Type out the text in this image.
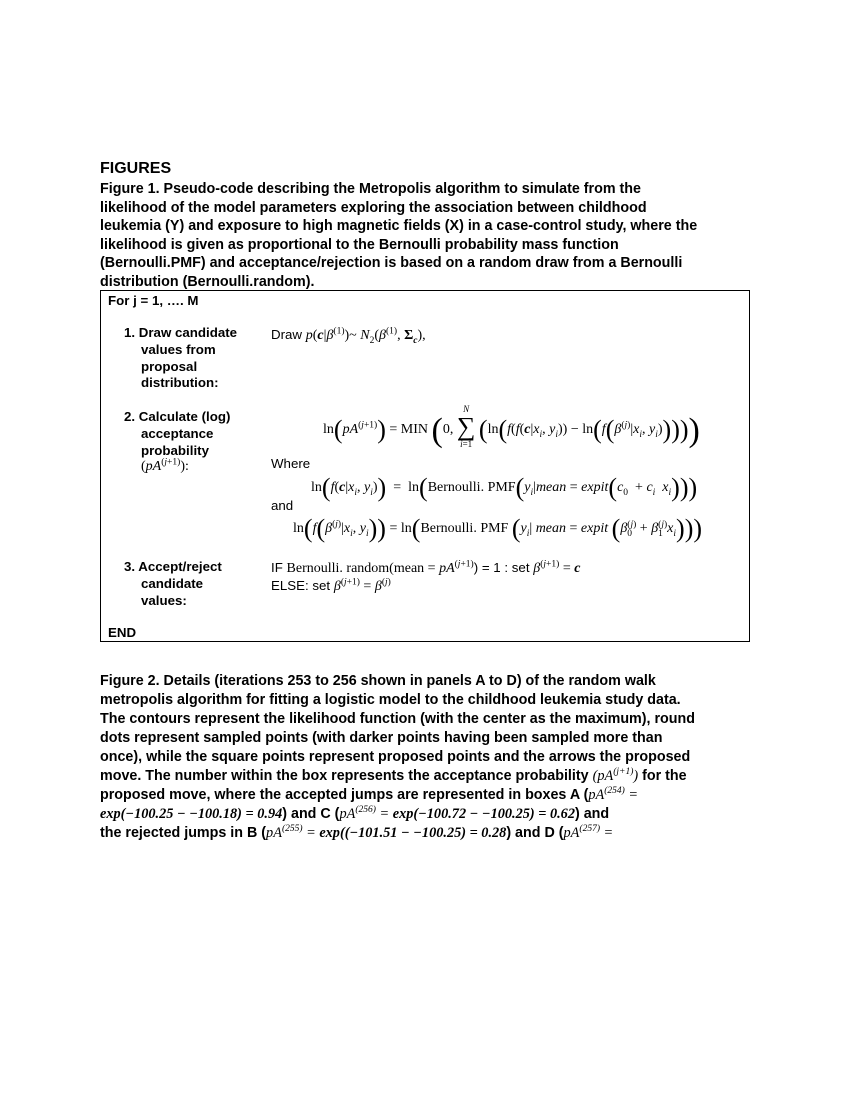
FIGURES
Figure 1. Pseudo-code describing the Metropolis algorithm to simulate from the
likelihood of the model parameters exploring the association between childhood
leukemia (Y) and exposure to high magnetic fields (X) in a case-control study, where the
likelihood is given as proportional to the Bernoulli probability mass function
(Bernoulli.PMF) and acceptance/rejection is based on a random draw from a Bernoulli
distribution (Bernoulli.random).
For j = 1, …. M
1. Draw candidate
values from
proposal
distribution:
Draw $p(c|\beta^{(1)})\sim$ $N_2(\beta^{(1)}$, $\Sigma_c$),
2. Calculate (log)
acceptance
probability
$(pA^{(j+1)})$:
$\ln(pA^{(j+1)})$ = MIN (0,
N
∑
i=1 ($\ln(f(f(c|x_i$, $y_i)) - \ln(f(\beta^{(j)}|x_i$, $y_i$)))))
Where
$\ln(f(c|x_i$, $y_i$))  =  ln(Bernoulli. $PMF(y_i|mean$ = $expit(c_0 + c_i$ $x_i$)))
and
$\ln(f(\beta^{(j)}|x_i$, $y_i$)) = ln(Bernoulli. PMF ($y_i|$ mean = expit (β (j)
0 + β (j)
1 $x_i$)))
3. Accept/reject
candidate
values:
IF Bernoulli. random(mean = $pA^{(j+1)}) = 1$ : set $\beta^{(j+1)} = c$
ELSE: set $\beta^{(j+1)} = \beta^{(j)}$
END
Figure 2. Details (iterations 253 to 256 shown in panels A to D) of the random walk
metropolis algorithm for fitting a logistic model to the childhood leukemia study data.
The contours represent the likelihood function (with the center as the maximum), round
dots represent sampled points (with darker points having been sampled more than
once), while the square points represent proposed points and the arrows the proposed
move. The number within the box represents the acceptance probability $(pA^{(j+1)})$ for the
proposed move, where the accepted jumps are represented in boxes A ($pA^{(254)}$ =
exp(−100.25 − −100.18) = 0.94) and C $(pA^{(256)} = \exp(-100.72 - -100.25) = 0.62)$ and
the rejected jumps in B ($pA^{(255)} = \exp((-101.51 - -100.25) = 0.28)$ and D ($pA^{(257)}$ =
